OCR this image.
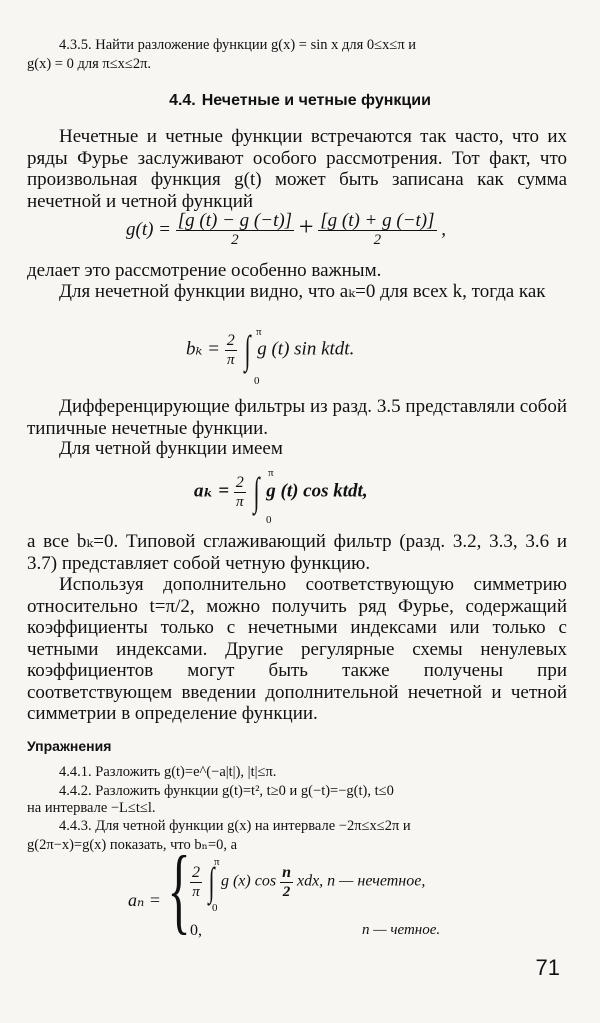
4.3.5. Найти разложение функции g(x) = sin x для 0≤x≤π и
g(x) = 0 для π≤x≤2π.
4.4. Нечетные и четные функции
Нечетные и четные функции встречаются так часто, что их ряды Фурье заслуживают особого рассмотрения. Тот факт, что произвольная функция g(t) может быть записана как сумма нечетной и четной функций
$g(t) = \frac{[g (t) - g (-t)]}{2} + \frac{[g (t) + g (-t)]}{2}$ ,
делает это рассмотрение особенно важным.
Для нечетной функции видно, что aₖ=0 для всех k, тогда как
$b_k = \frac{2}{\pi}$ ∫ g (t) sin ktdt.
π
0
Дифференцирующие фильтры из разд. 3.5 представляли собой типичные нечетные функции.
Для четной функции имеем
$a_k = \frac{2}{\pi}$ ∫ g (t) cos ktdt,
π
0
а все bₖ=0. Типовой сглаживающий фильтр (разд. 3.2, 3.3, 3.6 и 3.7) представляет собой четную функцию.
Используя дополнительно соответствующую симметрию относительно t=π/2, можно получить ряд Фурье, содержащий коэффициенты только с нечетными индексами или только с четными индексами. Другие регулярные схемы ненулевых коэффициентов могут быть также получены при соответствующем введении дополнительной нечетной и четной симметрии в определение функции.
Упражнения
4.4.1. Разложить g(t)=e^(−a|t|), |t|≤π.
4.4.2. Разложить функции g(t)=t², t≥0 и g(−t)=−g(t), t≤0
на интервале −L≤t≤l.
4.4.3. Для четной функции g(x) на интервале −2π≤x≤2π и
g(2π−x)=g(x) показать, что bₙ=0, а
aₙ = { $\frac{2}{\pi}$ ∫ g (x) $\cos \frac{n}{2}$ xdx, n — нечетное,
π
0
0,	n — четное.
71
